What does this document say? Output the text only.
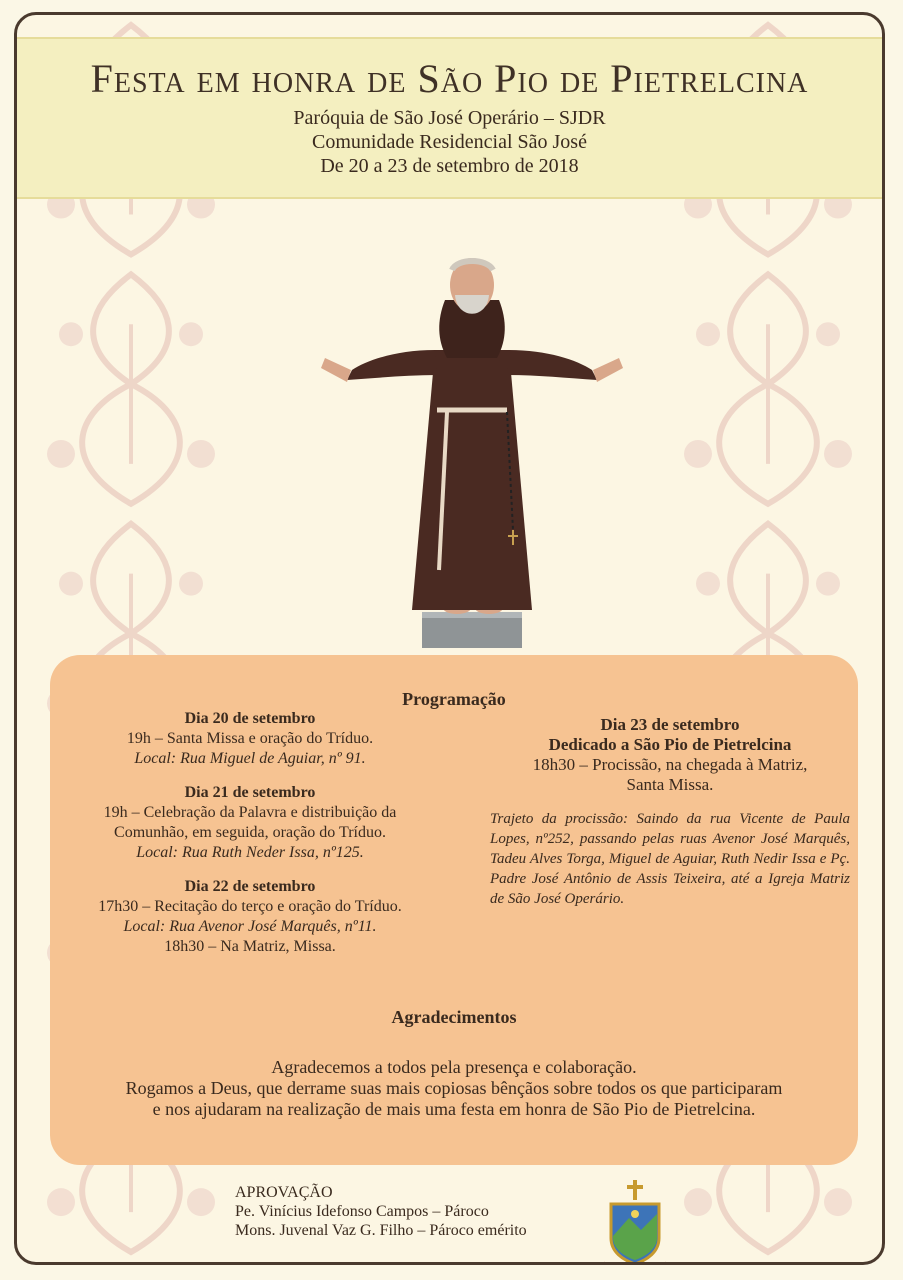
Festa em honra de São Pio de Pietrelcina
Paróquia de São José Operário – SJDR
Comunidade Residencial São José
De 20 a 23 de setembro de 2018
Programação
Dia 20 de setembro
19h – Santa Missa e oração do Tríduo.
Local: Rua Miguel de Aguiar, nº 91.
Dia 21 de setembro
19h – Celebração da Palavra e distribuição da
Comunhão, em seguida, oração do Tríduo.
Local: Rua Ruth Neder Issa, nº125.
Dia 22 de setembro
17h30 – Recitação do terço e oração do Tríduo.
Local: Rua Avenor José Marquês, nº11.
18h30 – Na Matriz, Missa.
Dia 23 de setembro
Dedicado a São Pio de Pietrelcina
18h30 – Procissão, na chegada à Matriz,
Santa Missa.
Trajeto da procissão: Saindo da rua Vicente de Paula Lopes, nº252, passando pelas ruas Avenor José Marquês, Tadeu Alves Torga, Miguel de Aguiar, Ruth Nedir Issa e Pç. Padre José Antônio de Assis Teixeira, até a Igreja Matriz de São José Operário.
Agradecimentos
Agradecemos a todos pela presença e colaboração.
Rogamos a Deus, que derrame suas mais copiosas bênçãos sobre todos os que participaram
e nos ajudaram na realização de mais uma festa em honra de São Pio de Pietrelcina.
APROVAÇÃO
Pe. Vinícius Idefonso Campos – Pároco
Mons. Juvenal Vaz G. Filho – Pároco emérito
